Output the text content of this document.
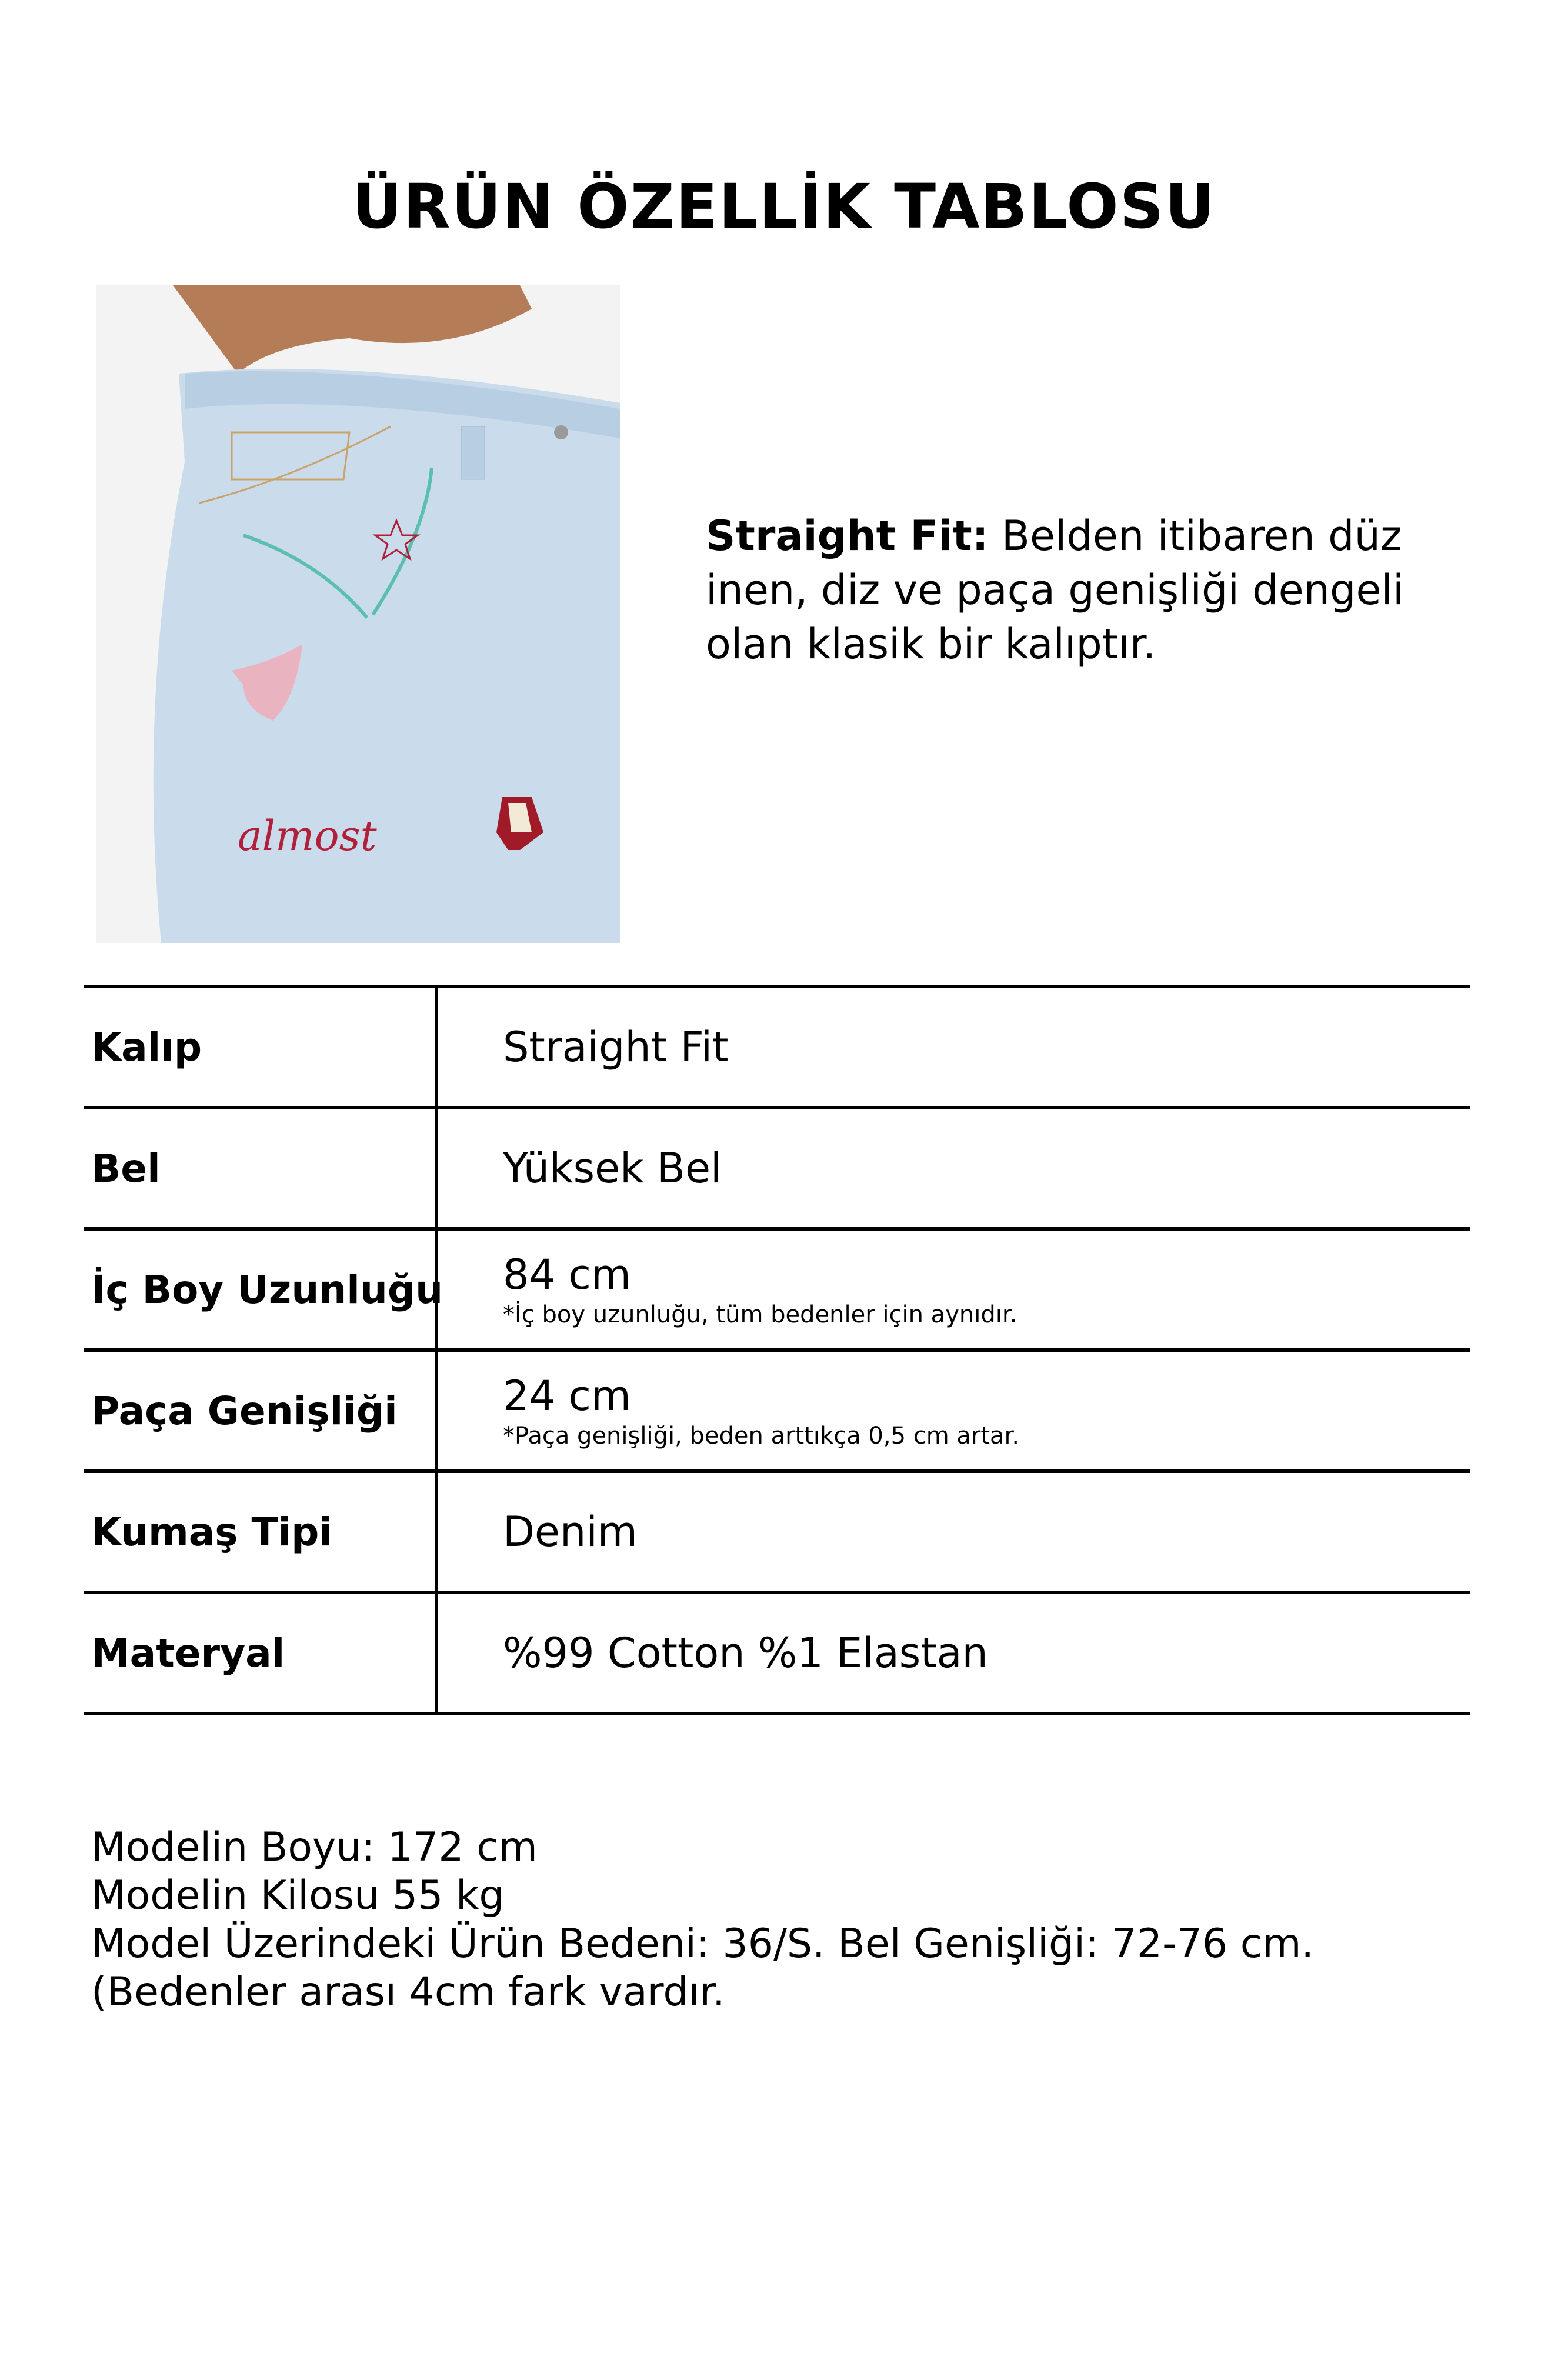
ÜRÜN ÖZELLİK TABLOSU
almost
Straight Fit: Belden itibaren düz inen, diz ve paça genişliği dengeli olan klasik bir kalıptır.
Kalıp	Straight Fit
Bel	Yüksek Bel
İç Boy Uzunluğu 84 cm
*İç boy uzunluğu, tüm bedenler için aynıdır.
Paça Genişliği	24 cm
*Paça genişliği, beden arttıkça 0,5 cm artar.
Kumaş Tipi	Denim
Materyal	%99 Cotton %1 Elastan
Modelin Boyu: 172 cm
Modelin Kilosu 55 kg
Model Üzerindeki Ürün Bedeni: 36/S. Bel Genişliği: 72-76 cm. (Bedenler arası 4cm fark vardır.
